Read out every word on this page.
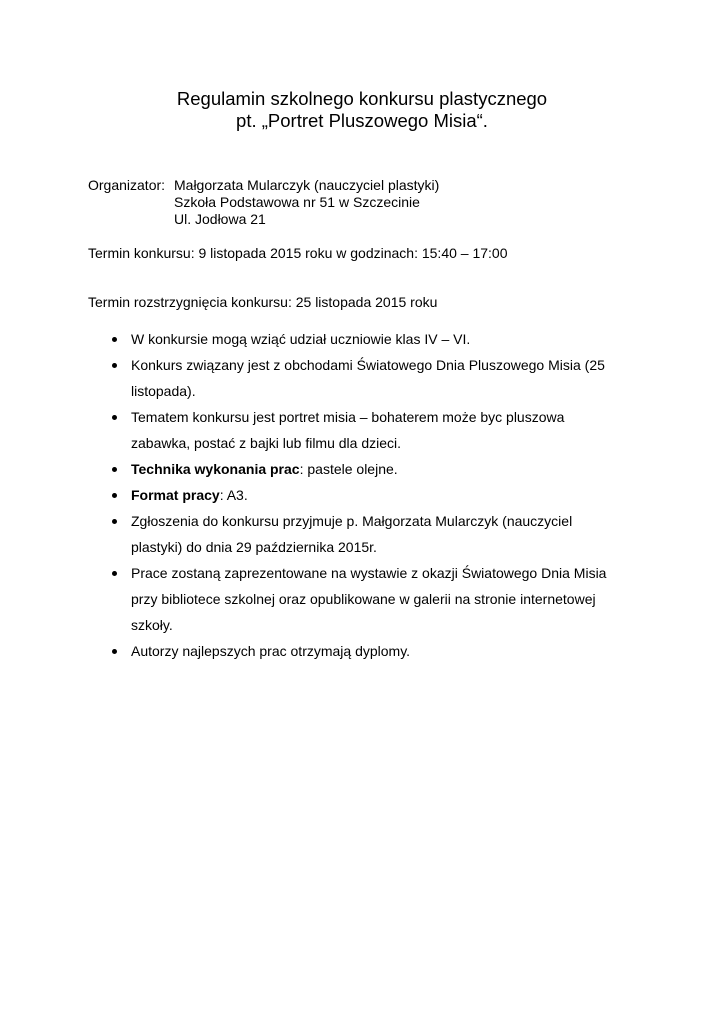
Regulamin szkolnego konkursu plastycznego
pt. „Portret Pluszowego Misia“.
Organizator: Małgorzata Mularczyk (nauczyciel plastyki)
Szkoła Podstawowa nr 51 w Szczecinie
Ul. Jodłowa 21
Termin konkursu: 9 listopada 2015 roku w godzinach: 15:40 – 17:00
Termin rozstrzygnięcia konkursu: 25 listopada 2015 roku
W konkursie mogą wziąć udział uczniowie klas IV – VI.
Konkurs związany jest z obchodami Światowego Dnia Pluszowego Misia (25
listopada).
Tematem konkursu jest portret misia – bohaterem może byc pluszowa
zabawka, postać z bajki lub filmu dla dzieci.
Technika wykonania prac: pastele olejne.
Format pracy: A3.
Zgłoszenia do konkursu przyjmuje p. Małgorzata Mularczyk (nauczyciel
plastyki) do dnia 29 października 2015r.
Prace zostaną zaprezentowane na wystawie z okazji Światowego Dnia Misia
przy bibliotece szkolnej oraz opublikowane w galerii na stronie internetowej
szkoły.
Autorzy najlepszych prac otrzymają dyplomy.
